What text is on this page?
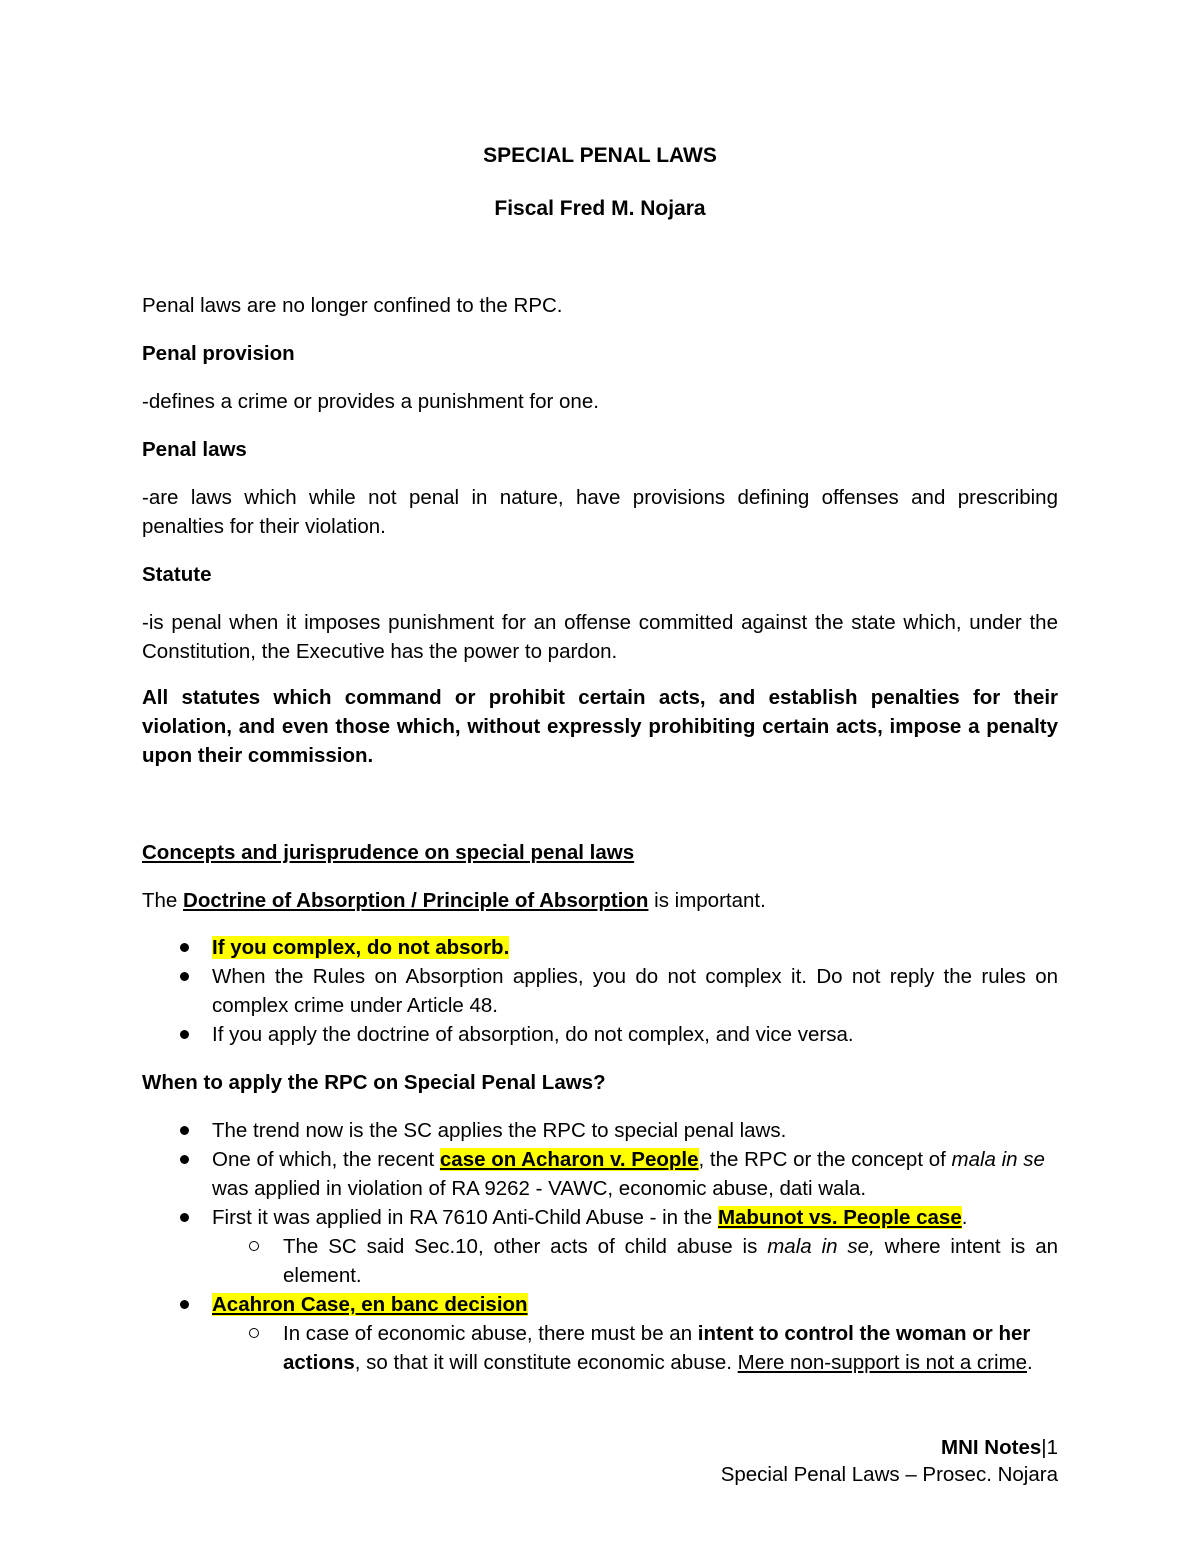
SPECIAL PENAL LAWS
Fiscal Fred M. Nojara

Penal laws are no longer confined to the RPC.

Penal provision

-defines a crime or provides a punishment for one.

Penal laws

-are laws which while not penal in nature, have provisions defining offenses and prescribing penalties for their violation.

Statute

-is penal when it imposes punishment for an offense committed against the state which, under the Constitution, the Executive has the power to pardon.

All statutes which command or prohibit certain acts, and establish penalties for their violation, and even those which, without expressly prohibiting certain acts, impose a penalty upon their commission.

Concepts and jurisprudence on special penal laws

The Doctrine of Absorption / Principle of Absorption is important.

If you complex, do not absorb.
When the Rules on Absorption applies, you do not complex it. Do not reply the rules on complex crime under Article 48.
If you apply the doctrine of absorption, do not complex, and vice versa.

When to apply the RPC on Special Penal Laws?

The trend now is the SC applies the RPC to special penal laws.
One of which, the recent case on Acharon v. People, the RPC or the concept of mala in se was applied in violation of RA 9262 - VAWC, economic abuse, dati wala.
First it was applied in RA 7610 Anti-Child Abuse - in the Mabunot vs. People case.
The SC said Sec.10, other acts of child abuse is mala in se, where intent is an element.
Acahron Case, en banc decision
In case of economic abuse, there must be an intent to control the woman or her actions, so that it will constitute economic abuse. Mere non-support is not a crime.
MNI Notes|1
Special Penal Laws – Prosec. Nojara
